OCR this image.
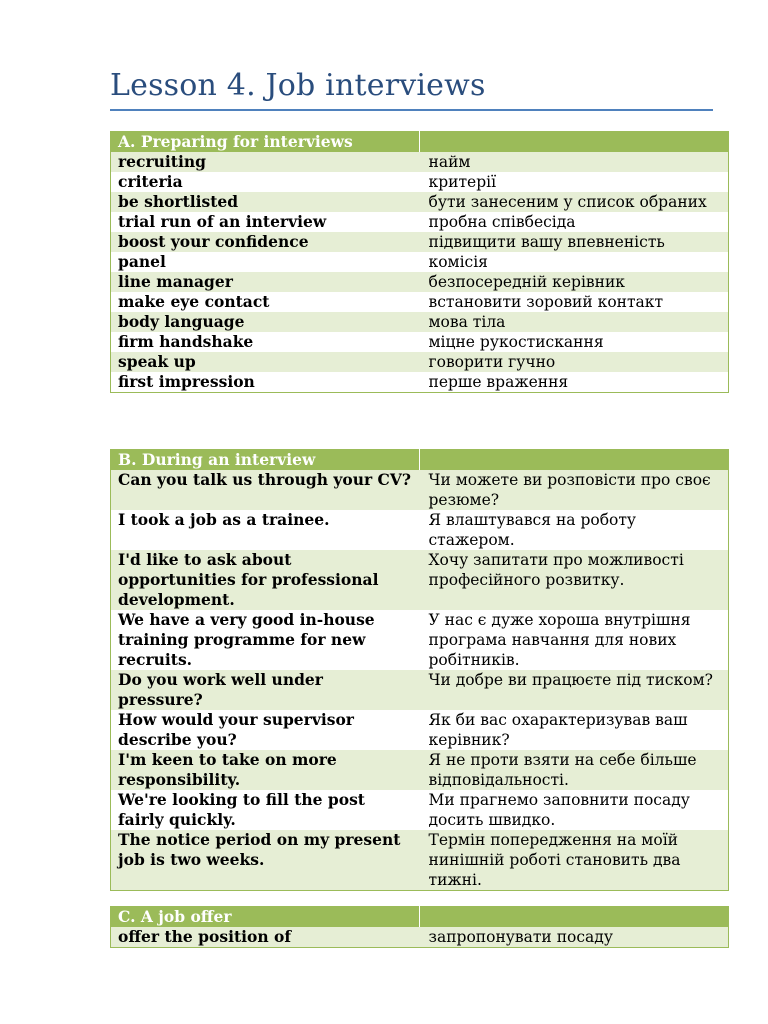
Lesson 4. Job interviews
A. Preparing for interviews	
recruiting	найм
criteria	критерії
be shortlisted	бути занесеним у список обраних
trial run of an interview	пробна співбесіда
boost your confidence	підвищити вашу впевненість
panel	комісія
line manager	безпосередній керівник
make eye contact	встановити зоровий контакт
body language	мова тіла
firm handshake	міцне рукостискання
speak up	говорити гучно
first impression	перше враження
B. During an interview	
Can you talk us through your CV?	Чи можете ви розповісти про своє резюме?
I took a job as a trainee.	Я влаштувався на роботу стажером.
I'd like to ask about opportunities for professional development.	Хочу запитати про можливості професійного розвитку.
We have a very good in-house training programme for new recruits.	У нас є дуже хороша внутрішня програма навчання для нових робітників.
Do you work well under pressure?	Чи добре ви працюєте під тиском?
How would your supervisor describe you?	Як би вас охарактеризував ваш керівник?
I'm keen to take on more responsibility.	Я не проти взяти на себе більше відповідальності.
We're looking to fill the post fairly quickly.	Ми прагнемо заповнити посаду досить швидко.
The notice period on my present job is two weeks.	Термін попередження на моїй нинішній роботі становить два тижні.
C. A job offer	
offer the position of	запропонувати посаду
